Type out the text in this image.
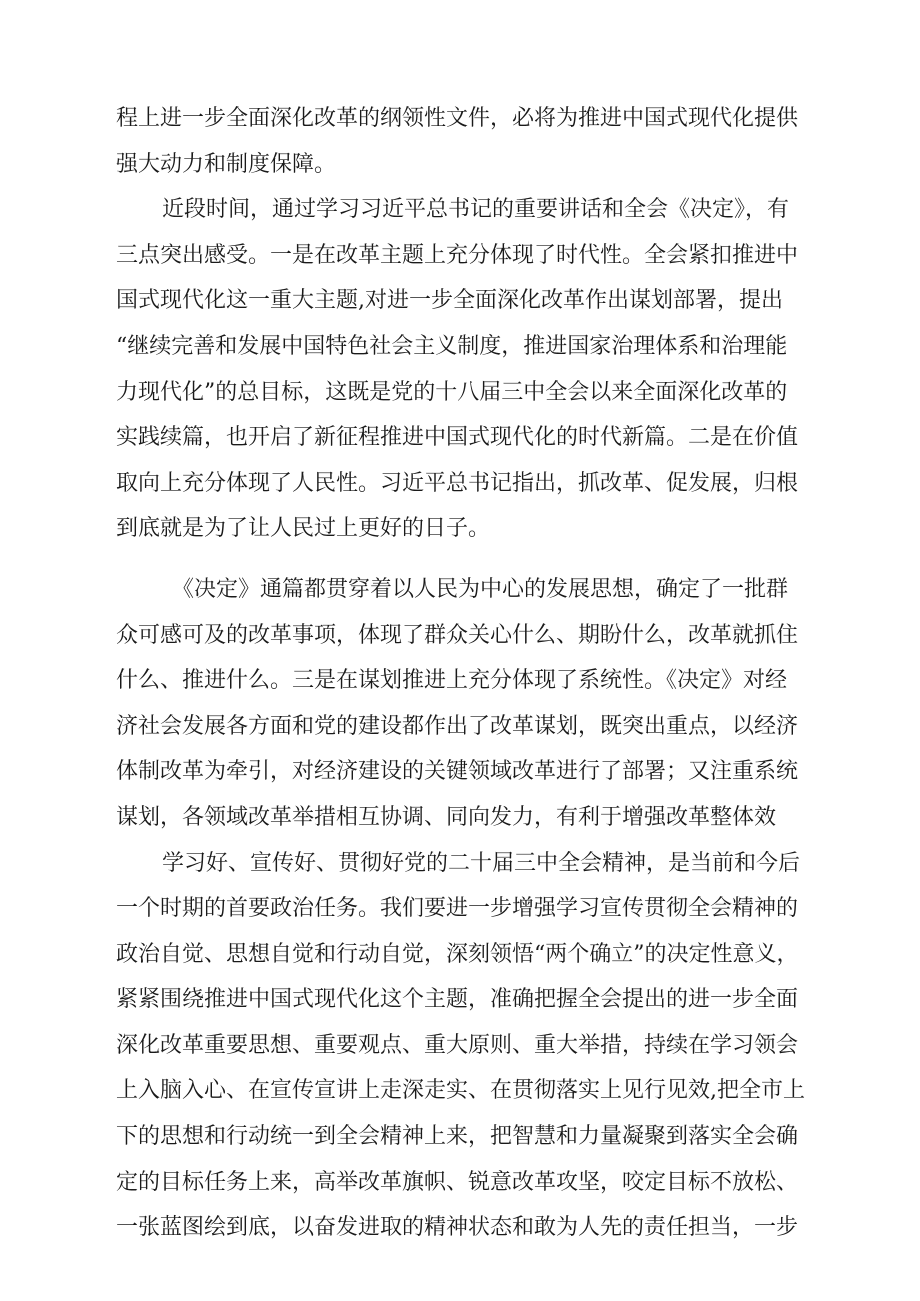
程上进一步全面深化改革的纲领性文件，必将为推进中国式现代化提供
强大动力和制度保障。
近段时间，通过学习习近平总书记的重要讲话和全会《决定》，有
三点突出感受。一是在改革主题上充分体现了时代性。全会紧扣推进中
国式现代化这一重大主题,对进一步全面深化改革作出谋划部署，提出
“继续完善和发展中国特色社会主义制度，推进国家治理体系和治理能
力现代化”的总目标，这既是党的十八届三中全会以来全面深化改革的
实践续篇，也开启了新征程推进中国式现代化的时代新篇。二是在价值
取向上充分体现了人民性。习近平总书记指出，抓改革、促发展，归根
到底就是为了让人民过上更好的日子。
《决定》通篇都贯穿着以人民为中心的发展思想，确定了一批群
众可感可及的改革事项，体现了群众关心什么、期盼什么，改革就抓住
什么、推进什么。三是在谋划推进上充分体现了系统性。《决定》对经
济社会发展各方面和党的建设都作出了改革谋划，既突出重点，以经济
体制改革为牵引，对经济建设的关键领域改革进行了部署；又注重系统
谋划，各领域改革举措相互协调、同向发力，有利于增强改革整体效
学习好、宣传好、贯彻好党的二十届三中全会精神，是当前和今后
一个时期的首要政治任务。我们要进一步增强学习宣传贯彻全会精神的
政治自觉、思想自觉和行动自觉，深刻领悟“两个确立”的决定性意义，
紧紧围绕推进中国式现代化这个主题，准确把握全会提出的进一步全面
深化改革重要思想、重要观点、重大原则、重大举措，持续在学习领会
上入脑入心、在宣传宣讲上走深走实、在贯彻落实上见行见效,把全市上
下的思想和行动统一到全会精神上来，把智慧和力量凝聚到落实全会确
定的目标任务上来，高举改革旗帜、锐意改革攻坚，咬定目标不放松、
一张蓝图绘到底，以奋发进取的精神状态和敢为人先的责任担当，一步
